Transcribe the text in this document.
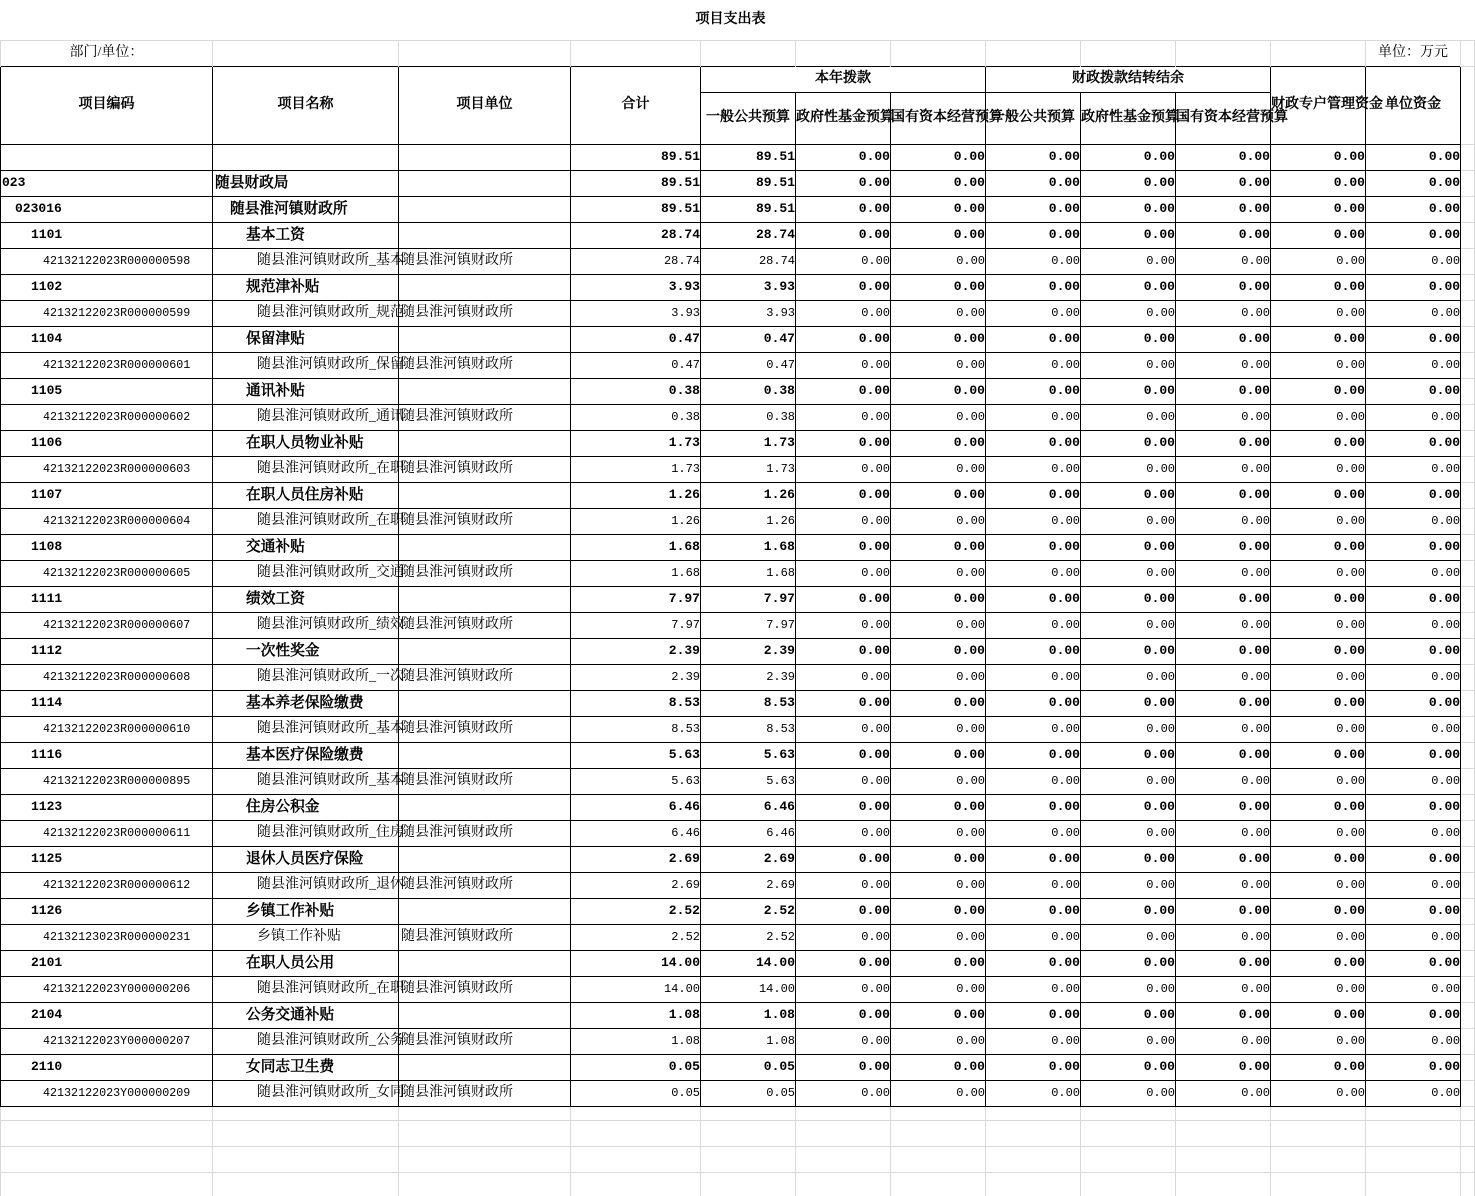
项目支出表												
部门/单位：											单位：万元	
项目编码	项目名称	项目单位	合计	本年拨款			财政拨款结转结余			财政专户管理资金	单位资金	
				一般公共预算	政府性基金预算	国有资本经营预算	一般公共预算	政府性基金预算	国有资本经营预算			
			89.51	89.51	0.00	0.00	0.00	0.00	0.00	0.00	0.00	
023	随县财政局		89.51	89.51	0.00	0.00	0.00	0.00	0.00	0.00	0.00	
023016	随县淮河镇财政所		89.51	89.51	0.00	0.00	0.00	0.00	0.00	0.00	0.00	
1101	基本工资		28.74	28.74	0.00	0.00	0.00	0.00	0.00	0.00	0.00	
42132122023R000000598	随县淮河镇财政所_基本	随县淮河镇财政所	28.74	28.74	0.00	0.00	0.00	0.00	0.00	0.00	0.00	
1102	规范津补贴		3.93	3.93	0.00	0.00	0.00	0.00	0.00	0.00	0.00	
42132122023R000000599	随县淮河镇财政所_规范	随县淮河镇财政所	3.93	3.93	0.00	0.00	0.00	0.00	0.00	0.00	0.00	
1104	保留津贴		0.47	0.47	0.00	0.00	0.00	0.00	0.00	0.00	0.00	
42132122023R000000601	随县淮河镇财政所_保留	随县淮河镇财政所	0.47	0.47	0.00	0.00	0.00	0.00	0.00	0.00	0.00	
1105	通讯补贴		0.38	0.38	0.00	0.00	0.00	0.00	0.00	0.00	0.00	
42132122023R000000602	随县淮河镇财政所_通讯	随县淮河镇财政所	0.38	0.38	0.00	0.00	0.00	0.00	0.00	0.00	0.00	
1106	在职人员物业补贴		1.73	1.73	0.00	0.00	0.00	0.00	0.00	0.00	0.00	
42132122023R000000603	随县淮河镇财政所_在职	随县淮河镇财政所	1.73	1.73	0.00	0.00	0.00	0.00	0.00	0.00	0.00	
1107	在职人员住房补贴		1.26	1.26	0.00	0.00	0.00	0.00	0.00	0.00	0.00	
42132122023R000000604	随县淮河镇财政所_在职	随县淮河镇财政所	1.26	1.26	0.00	0.00	0.00	0.00	0.00	0.00	0.00	
1108	交通补贴		1.68	1.68	0.00	0.00	0.00	0.00	0.00	0.00	0.00	
42132122023R000000605	随县淮河镇财政所_交通	随县淮河镇财政所	1.68	1.68	0.00	0.00	0.00	0.00	0.00	0.00	0.00	
1111	绩效工资		7.97	7.97	0.00	0.00	0.00	0.00	0.00	0.00	0.00	
42132122023R000000607	随县淮河镇财政所_绩效	随县淮河镇财政所	7.97	7.97	0.00	0.00	0.00	0.00	0.00	0.00	0.00	
1112	一次性奖金		2.39	2.39	0.00	0.00	0.00	0.00	0.00	0.00	0.00	
42132122023R000000608	随县淮河镇财政所_一次	随县淮河镇财政所	2.39	2.39	0.00	0.00	0.00	0.00	0.00	0.00	0.00	
1114	基本养老保险缴费		8.53	8.53	0.00	0.00	0.00	0.00	0.00	0.00	0.00	
42132122023R000000610	随县淮河镇财政所_基本	随县淮河镇财政所	8.53	8.53	0.00	0.00	0.00	0.00	0.00	0.00	0.00	
1116	基本医疗保险缴费		5.63	5.63	0.00	0.00	0.00	0.00	0.00	0.00	0.00	
42132122023R000000895	随县淮河镇财政所_基本	随县淮河镇财政所	5.63	5.63	0.00	0.00	0.00	0.00	0.00	0.00	0.00	
1123	住房公积金		6.46	6.46	0.00	0.00	0.00	0.00	0.00	0.00	0.00	
42132122023R000000611	随县淮河镇财政所_住房	随县淮河镇财政所	6.46	6.46	0.00	0.00	0.00	0.00	0.00	0.00	0.00	
1125	退休人员医疗保险		2.69	2.69	0.00	0.00	0.00	0.00	0.00	0.00	0.00	
42132122023R000000612	随县淮河镇财政所_退休	随县淮河镇财政所	2.69	2.69	0.00	0.00	0.00	0.00	0.00	0.00	0.00	
1126	乡镇工作补贴		2.52	2.52	0.00	0.00	0.00	0.00	0.00	0.00	0.00	
42132123023R000000231	乡镇工作补贴	随县淮河镇财政所	2.52	2.52	0.00	0.00	0.00	0.00	0.00	0.00	0.00	
2101	在职人员公用		14.00	14.00	0.00	0.00	0.00	0.00	0.00	0.00	0.00	
42132122023Y000000206	随县淮河镇财政所_在职	随县淮河镇财政所	14.00	14.00	0.00	0.00	0.00	0.00	0.00	0.00	0.00	
2104	公务交通补贴		1.08	1.08	0.00	0.00	0.00	0.00	0.00	0.00	0.00	
42132122023Y000000207	随县淮河镇财政所_公务	随县淮河镇财政所	1.08	1.08	0.00	0.00	0.00	0.00	0.00	0.00	0.00	
2110	女同志卫生费		0.05	0.05	0.00	0.00	0.00	0.00	0.00	0.00	0.00	
42132122023Y000000209	随县淮河镇财政所_女同	随县淮河镇财政所	0.05	0.05	0.00	0.00	0.00	0.00	0.00	0.00	0.00	
